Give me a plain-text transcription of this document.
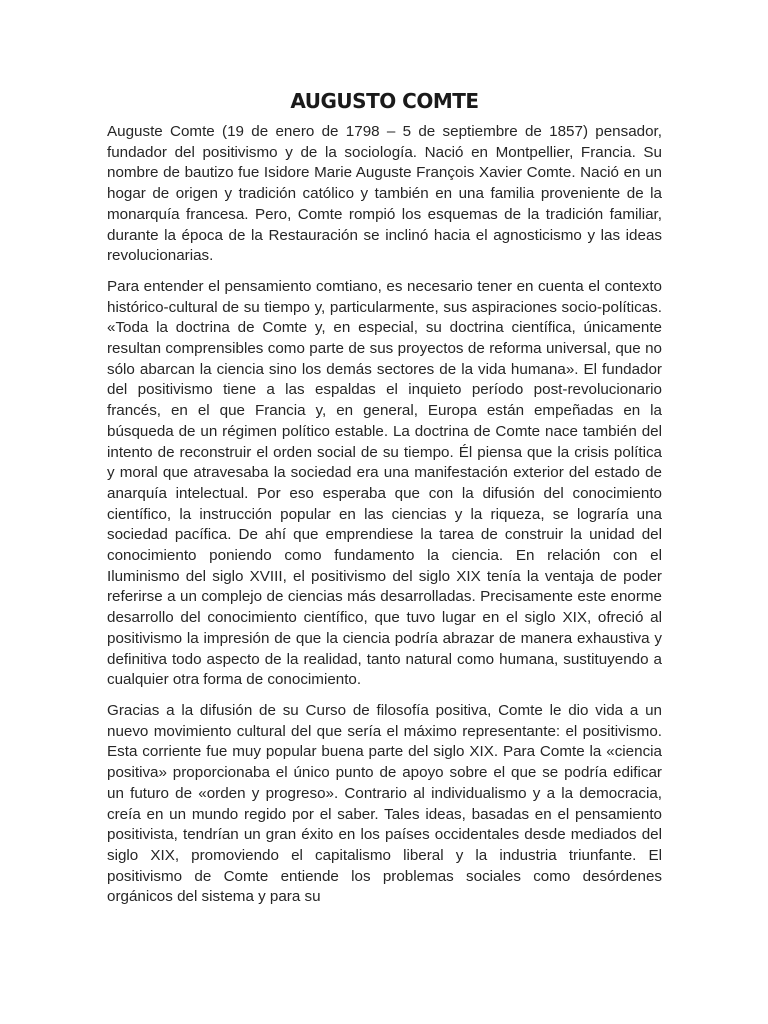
AUGUSTO COMTE

Auguste Comte (19 de enero de 1798 – 5 de septiembre de 1857) pensador, fundador del positivismo y de la sociología. Nació en Montpellier, Francia. Su nombre de bautizo fue Isidore Marie Auguste François Xavier Comte. Nació en un hogar de origen y tradición católico y también en una familia proveniente de la monarquía francesa. Pero, Comte rompió los esquemas de la tradición familiar, durante la época de la Restauración se inclinó hacia el agnosticismo y las ideas revolucionarias.

Para entender el pensamiento comtiano, es necesario tener en cuenta el contexto histórico-cultural de su tiempo y, particularmente, sus aspiraciones socio-políticas. «Toda la doctrina de Comte y, en especial, su doctrina científica, únicamente resultan comprensibles como parte de sus proyectos de reforma universal, que no sólo abarcan la ciencia sino los demás sectores de la vida humana». El fundador del positivismo tiene a las espaldas el inquieto período post-revolucionario francés, en el que Francia y, en general, Europa están empeñadas en la búsqueda de un régimen político estable. La doctrina de Comte nace también del intento de reconstruir el orden social de su tiempo. Él piensa que la crisis política y moral que atravesaba la sociedad era una manifestación exterior del estado de anarquía intelectual. Por eso esperaba que con la difusión del conocimiento científico, la instrucción popular en las ciencias y la riqueza, se lograría una sociedad pacífica. De ahí que emprendiese la tarea de construir la unidad del conocimiento poniendo como fundamento la ciencia. En relación con el Iluminismo del siglo XVIII, el positivismo del siglo XIX tenía la ventaja de poder referirse a un complejo de ciencias más desarrolladas. Precisamente este enorme desarrollo del conocimiento científico, que tuvo lugar en el siglo XIX, ofreció al positivismo la impresión de que la ciencia podría abrazar de manera exhaustiva y definitiva todo aspecto de la realidad, tanto natural como humana, sustituyendo a cualquier otra forma de conocimiento.

Gracias a la difusión de su Curso de filosofía positiva, Comte le dio vida a un nuevo movimiento cultural del que sería el máximo representante: el positivismo. Esta corriente fue muy popular buena parte del siglo XIX. Para Comte la «ciencia positiva» proporcionaba el único punto de apoyo sobre el que se podría edificar un futuro de «orden y progreso». Contrario al individualismo y a la democracia, creía en un mundo regido por el saber. Tales ideas, basadas en el pensamiento positivista, tendrían un gran éxito en los países occidentales desde mediados del siglo XIX, promoviendo el capitalismo liberal y la industria triunfante. El positivismo de Comte entiende los problemas sociales como desórdenes orgánicos del sistema y para su
